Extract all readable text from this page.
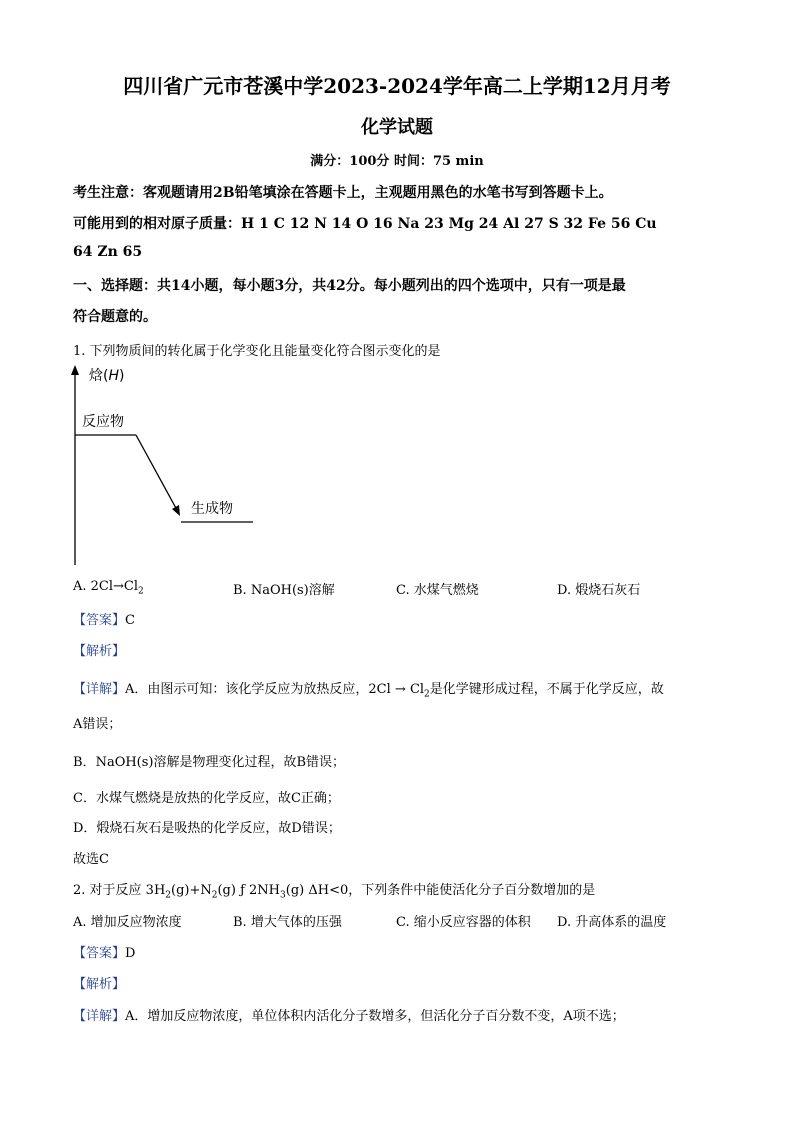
四川省广元市苍溪中学2023-2024学年高二上学期12月月考
化学试题
满分：100分 时间：75 min
考生注意：客观题请用2B铅笔填涂在答题卡上，主观题用黑色的水笔书写到答题卡上。
可能用到的相对原子质量：H 1 C 12 N 14 O 16 Na 23 Mg 24 Al 27 S 32 Fe 56 Cu
64 Zn 65
一、选择题：共14小题，每小题3分，共42分。每小题列出的四个选项中，只有一项是最
符合题意的。
1. 下列物质间的转化属于化学变化且能量变化符合图示变化的是
焓(H)
反应物
生成物
A. $2Cl\to Cl_2$	B. NaOH(s)溶解	C. 水煤气燃烧	D. 煅烧石灰石
【答案】C
【解析】
【详解】A．由图示可知：该化学反应为放热反应，$2Cl \to Cl_2$是化学键形成过程，不属于化学反应，故
A错误；
B．NaOH(s)溶解是物理变化过程，故B错误；
C．水煤气燃烧是放热的化学反应，故C正确；
D．煅烧石灰石是吸热的化学反应，故D错误；
故选C
2. 对于反应 $3H_2(g)+N_2(g)$ ƒ $2NH_3(g)$ ΔH<0，下列条件中能使活化分子百分数增加的是
A. 增加反应物浓度	B. 增大气体的压强	C. 缩小反应容器的体积 D. 升高体系的温度
【答案】D
【解析】
【详解】A．增加反应物浓度，单位体积内活化分子数增多，但活化分子百分数不变，A项不选；
